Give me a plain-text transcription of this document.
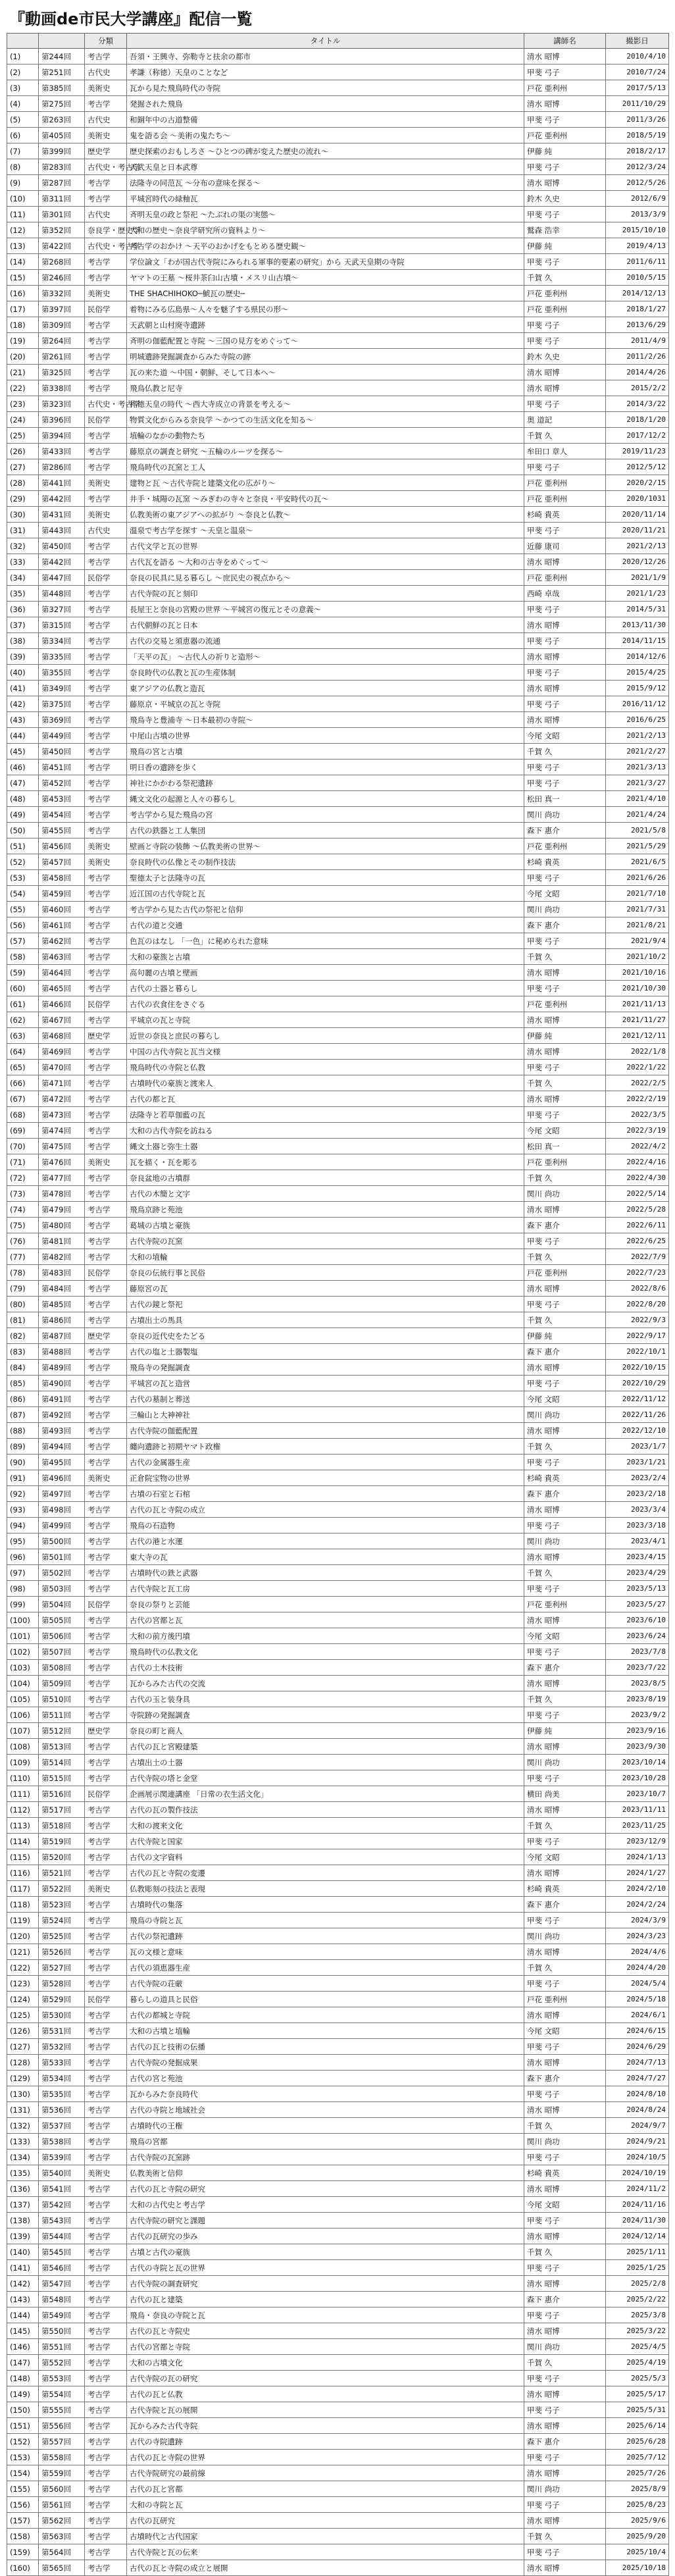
『動画de市民大学講座』配信一覧
		分類	タイトル	講師名	撮影日
(1)	第244回	考古学	吾須・王興寺、弥勒寺と扶余の都市	清水 昭博	2010/4/10
(2)	第251回	古代史	孝謙（称徳）天皇のことなど	甲斐 弓子	2010/7/24
(3)	第385回	美術史	瓦から見た飛鳥時代の寺院	戸花 亜利州	2017/5/13
(4)	第275回	考古学	発掘された飛鳥	清水 昭博	2011/10/29
(5)	第263回	古代史	和銅年中の古道整備	甲斐 弓子	2011/3/26
(6)	第405回	美術史	鬼を語る会 ～美術の鬼たち～	戸花 亜利州	2018/5/19
(7)	第399回	歴史学	歴史探索のおもしろさ ～ひとつの碑が変えた歴史の流れ～	伊藤 純	2018/2/17
(8)	第283回	古代史・考古学	天武天皇と日本武尊	甲斐 弓子	2012/3/24
(9)	第287回	考古学	法隆寺の同范瓦 ～分布の意味を探る～	清水 昭博	2012/5/26
(10)	第311回	考古学	平城宮時代の緑釉瓦	鈴木 久史	2012/6/9
(11)	第301回	古代史	斉明天皇の政と祭祀 ～たぶれの渠の実態～	甲斐 弓子	2013/3/9
(12)	第352回	奈良学・歴史学	大和の歴史～奈良学研究所の資料より～	鷲森 浩幸	2015/10/10
(13)	第422回	古代史・考古学	考古学のおかけ ～天平のおかげをもとめる歴史観～	伊藤 純	2019/4/13
(14)	第268回	考古学	学位論文「わが国古代寺院にみられる軍事的要素の研究」から 天武天皇期の寺院	甲斐 弓子	2011/6/11
(15)	第246回	考古学	ヤマトの王墓 ～桜井茶臼山古墳・メスリ山古墳～	千賀 久	2010/5/15
(16)	第332回	美術史	THE SHACHIHOKO─鯱瓦の歴史─	戸花 亜利州	2014/12/13
(17)	第397回	民俗学	着物にみる広島県～人々を魅了する県民の形～	戸花 亜利州	2018/1/27
(18)	第309回	考古学	天武朝と山村廃寺遺跡	甲斐 弓子	2013/6/29
(19)	第264回	考古学	斉明の伽藍配置と寺院 ～三国の見方をめぐって～	甲斐 弓子	2011/4/9
(20)	第261回	考古学	明城遺跡発掘調査からみた寺院の跡	鈴木 久史	2011/2/26
(21)	第325回	考古学	瓦の来た道 ～中国・朝鮮、そして日本へ～	清水 昭博	2014/4/26
(22)	第338回	考古学	飛鳥仏教と尼寺	清水 昭博	2015/2/2
(23)	第323回	古代史・考古学	称徳天皇の時代 ～西大寺成立の背景を考える～	甲斐 弓子	2014/3/22
(24)	第396回	民俗学	物質文化からみる奈良学 ～かつての生活文化を知る～	奥 道記	2018/1/20
(25)	第394回	考古学	埴輪のなかの動物たち	千賀 久	2017/12/2
(26)	第433回	考古学	藤原京の調査と研究 ～五輪のルーツを探る～	牟田口 章人	2019/11/23
(27)	第286回	考古学	飛鳥時代の瓦窯と工人	甲斐 弓子	2012/5/12
(28)	第441回	美術史	建物と瓦 ～古代寺院と建築文化の広がり～	戸花 亜利州	2020/2/15
(29)	第442回	考古学	井手・城陽の瓦窯 ～みぎわの寺々と奈良・平安時代の瓦～	戸花 亜利州	2020/1031
(30)	第431回	美術史	仏教美術の東アジアへの拡がり ～奈良と仏教～	杉崎 貴英	2020/11/14
(31)	第443回	古代史	溫泉で考古学を探す ～天皇と温泉～	甲斐 弓子	2020/11/21
(32)	第450回	考古学	古代文学と瓦の世界	近藤 康司	2021/2/13
(33)	第442回	考古学	古代瓦を語る ～大和の古寺をめぐって～	清水 昭博	2020/12/26
(34)	第447回	民俗学	奈良の民具に見る暮らし ～庶民史の視点から～	戸花 亜利州	2021/1/9
(35)	第448回	考古学	古代寺院の瓦と刻印	西崎 卓哉	2021/1/23
(36)	第327回	考古学	長屋王と奈良の宮殿の世界 ～平城宮の復元とその意義～	甲斐 弓子	2014/5/31
(37)	第315回	考古学	古代朝鮮の瓦と日本	清水 昭博	2013/11/30
(38)	第334回	考古学	古代の交易と須恵器の流通	甲斐 弓子	2014/11/15
(39)	第335回	考古学	「天平の瓦」 ～古代人の祈りと造形～	清水 昭博	2014/12/6
(40)	第355回	考古学	奈良時代の仏教と瓦の生産体制	甲斐 弓子	2015/4/25
(41)	第349回	考古学	東アジアの仏教と造瓦	清水 昭博	2015/9/12
(42)	第375回	考古学	藤原京・平城京の瓦と寺院	甲斐 弓子	2016/11/12
(43)	第369回	考古学	飛鳥寺と豊浦寺 ～日本最初の寺院～	清水 昭博	2016/6/25
(44)	第449回	考古学	中尾山古墳の世界	今尾 文昭	2021/2/13
(45)	第450回	考古学	飛鳥の宮と古墳	千賀 久	2021/2/27
(46)	第451回	考古学	明日香の遺跡を歩く	甲斐 弓子	2021/3/13
(47)	第452回	考古学	神社にかかわる祭祀遺跡	甲斐 弓子	2021/3/27
(48)	第453回	考古学	縄文文化の起源と人々の暮らし	松田 真一	2021/4/10
(49)	第454回	考古学	考古学から見た飛鳥の宮	関川 尚功	2021/4/24
(50)	第455回	考古学	古代の鉄器と工人集団	森下 惠介	2021/5/8
(51)	第456回	美術史	壁画と寺院の装飾 ～仏教美術の世界～	戸花 亜利州	2021/5/29
(52)	第457回	美術史	奈良時代の仏像とその制作技法	杉崎 貴英	2021/6/5
(53)	第458回	考古学	聖徳太子と法隆寺の瓦	甲斐 弓子	2021/6/26
(54)	第459回	考古学	近江国の古代寺院と瓦	今尾 文昭	2021/7/10
(55)	第460回	考古学	考古学から見た古代の祭祀と信仰	関川 尚功	2021/7/31
(56)	第461回	考古学	古代の道と交通	森下 惠介	2021/8/21
(57)	第462回	考古学	色瓦のはなし 「一色」に秘められた意味	甲斐 弓子	2021/9/4
(58)	第463回	考古学	大和の豪族と古墳	千賀 久	2021/10/2
(59)	第464回	考古学	高句麗の古墳と壁画	清水 昭博	2021/10/16
(60)	第465回	考古学	古代の土器と暮らし	甲斐 弓子	2021/10/30
(61)	第466回	民俗学	古代の衣食住をさぐる	戸花 亜利州	2021/11/13
(62)	第467回	考古学	平城京の瓦と寺院	清水 昭博	2021/11/27
(63)	第468回	歴史学	近世の奈良と庶民の暮らし	伊藤 純	2021/12/11
(64)	第469回	考古学	中国の古代寺院と瓦当文様	清水 昭博	2022/1/8
(65)	第470回	考古学	飛鳥時代の寺院と仏教	甲斐 弓子	2022/1/22
(66)	第471回	考古学	古墳時代の豪族と渡来人	千賀 久	2022/2/5
(67)	第472回	考古学	古代の都と瓦	清水 昭博	2022/2/19
(68)	第473回	考古学	法隆寺と若草伽藍の瓦	甲斐 弓子	2022/3/5
(69)	第474回	考古学	大和の古代寺院を訪ねる	今尾 文昭	2022/3/19
(70)	第475回	考古学	縄文土器と弥生土器	松田 真一	2022/4/2
(71)	第476回	美術史	瓦を描く・瓦を彫る	戸花 亜利州	2022/4/16
(72)	第477回	考古学	奈良盆地の古墳群	千賀 久	2022/4/30
(73)	第478回	考古学	古代の木簡と文字	関川 尚功	2022/5/14
(74)	第479回	考古学	飛鳥京跡と苑池	清水 昭博	2022/5/28
(75)	第480回	考古学	葛城の古墳と豪族	森下 惠介	2022/6/11
(76)	第481回	考古学	古代寺院の瓦窯	甲斐 弓子	2022/6/25
(77)	第482回	考古学	大和の埴輪	千賀 久	2022/7/9
(78)	第483回	民俗学	奈良の伝統行事と民俗	戸花 亜利州	2022/7/23
(79)	第484回	考古学	藤原宮の瓦	清水 昭博	2022/8/6
(80)	第485回	考古学	古代の鏡と祭祀	甲斐 弓子	2022/8/20
(81)	第486回	考古学	古墳出土の馬具	千賀 久	2022/9/3
(82)	第487回	歴史学	奈良の近代史をたどる	伊藤 純	2022/9/17
(83)	第488回	考古学	古代の塩と土器製塩	森下 惠介	2022/10/1
(84)	第489回	考古学	飛鳥寺の発掘調査	清水 昭博	2022/10/15
(85)	第490回	考古学	平城宮の瓦と造営	甲斐 弓子	2022/10/29
(86)	第491回	考古学	古代の墓制と葬送	今尾 文昭	2022/11/12
(87)	第492回	考古学	三輪山と大神神社	関川 尚功	2022/11/26
(88)	第493回	考古学	古代寺院の伽藍配置	清水 昭博	2022/12/10
(89)	第494回	考古学	纏向遺跡と初期ヤマト政権	千賀 久	2023/1/7
(90)	第495回	考古学	古代の金属器生産	甲斐 弓子	2023/1/21
(91)	第496回	美術史	正倉院宝物の世界	杉崎 貴英	2023/2/4
(92)	第497回	考古学	古墳の石室と石棺	森下 惠介	2023/2/18
(93)	第498回	考古学	古代の瓦と寺院の成立	清水 昭博	2023/3/4
(94)	第499回	考古学	飛鳥の石造物	甲斐 弓子	2023/3/18
(95)	第500回	考古学	古代の港と水運	関川 尚功	2023/4/1
(96)	第501回	考古学	東大寺の瓦	清水 昭博	2023/4/15
(97)	第502回	考古学	古墳時代の鉄と武器	千賀 久	2023/4/29
(98)	第503回	考古学	古代寺院と瓦工房	甲斐 弓子	2023/5/13
(99)	第504回	民俗学	奈良の祭りと芸能	戸花 亜利州	2023/5/27
(100)	第505回	考古学	古代の宮都と瓦	清水 昭博	2023/6/10
(101)	第506回	考古学	大和の前方後円墳	今尾 文昭	2023/6/24
(102)	第507回	考古学	飛鳥時代の仏教文化	甲斐 弓子	2023/7/8
(103)	第508回	考古学	古代の土木技術	森下 惠介	2023/7/22
(104)	第509回	考古学	瓦からみた古代の交流	清水 昭博	2023/8/5
(105)	第510回	考古学	古代の玉と装身具	千賀 久	2023/8/19
(106)	第511回	考古学	寺院跡の発掘調査	甲斐 弓子	2023/9/2
(107)	第512回	歴史学	奈良の町と商人	伊藤 純	2023/9/16
(108)	第513回	考古学	古代の瓦と宮殿建築	清水 昭博	2023/9/30
(109)	第514回	考古学	古墳出土の土器	関川 尚功	2023/10/14
(110)	第515回	考古学	古代寺院の塔と金堂	甲斐 弓子	2023/10/28
(111)	第516回	民俗学	企画展示関連講座 「日常の衣生活文化」	横田 尚美	2023/10/7
(112)	第517回	考古学	古代の瓦の製作技法	清水 昭博	2023/11/11
(113)	第518回	考古学	大和の渡来文化	千賀 久	2023/11/25
(114)	第519回	考古学	古代寺院と国家	甲斐 弓子	2023/12/9
(115)	第520回	考古学	古代の文字資料	今尾 文昭	2024/1/13
(116)	第521回	考古学	古代の瓦と寺院の変遷	清水 昭博	2024/1/27
(117)	第522回	美術史	仏教彫刻の技法と表現	杉崎 貴英	2024/2/10
(118)	第523回	考古学	古墳時代の集落	森下 惠介	2024/2/24
(119)	第524回	考古学	飛鳥の寺院と瓦	甲斐 弓子	2024/3/9
(120)	第525回	考古学	古代の祭祀遺跡	関川 尚功	2024/3/23
(121)	第526回	考古学	瓦の文様と意味	清水 昭博	2024/4/6
(122)	第527回	考古学	古代の須恵器生産	千賀 久	2024/4/20
(123)	第528回	考古学	古代寺院の荘厳	甲斐 弓子	2024/5/4
(124)	第529回	民俗学	暮らしの道具と民俗	戸花 亜利州	2024/5/18
(125)	第530回	考古学	古代の都城と寺院	清水 昭博	2024/6/1
(126)	第531回	考古学	大和の古墳と埴輪	今尾 文昭	2024/6/15
(127)	第532回	考古学	古代の瓦と技術の伝播	甲斐 弓子	2024/6/29
(128)	第533回	考古学	古代寺院の発掘成果	清水 昭博	2024/7/13
(129)	第534回	考古学	古代の宮と苑池	森下 惠介	2024/7/27
(130)	第535回	考古学	瓦からみた奈良時代	甲斐 弓子	2024/8/10
(131)	第536回	考古学	古代の寺院と地域社会	清水 昭博	2024/8/24
(132)	第537回	考古学	古墳時代の王権	千賀 久	2024/9/7
(133)	第538回	考古学	飛鳥の宮都	関川 尚功	2024/9/21
(134)	第539回	考古学	古代寺院の瓦窯跡	甲斐 弓子	2024/10/5
(135)	第540回	美術史	仏教美術と信仰	杉崎 貴英	2024/10/19
(136)	第541回	考古学	古代の瓦と寺院の研究	清水 昭博	2024/11/2
(137)	第542回	考古学	大和の古代史と考古学	今尾 文昭	2024/11/16
(138)	第543回	考古学	古代寺院の研究と課題	甲斐 弓子	2024/11/30
(139)	第544回	考古学	古代の瓦研究の歩み	清水 昭博	2024/12/14
(140)	第545回	考古学	古墳と古代の豪族	千賀 久	2025/1/11
(141)	第546回	考古学	古代の寺院と瓦の世界	甲斐 弓子	2025/1/25
(142)	第547回	考古学	古代寺院の調査研究	清水 昭博	2025/2/8
(143)	第548回	考古学	古代の瓦と建築	森下 惠介	2025/2/22
(144)	第549回	考古学	飛鳥・奈良の寺院と瓦	甲斐 弓子	2025/3/8
(145)	第550回	考古学	古代の瓦と寺院史	清水 昭博	2025/3/22
(146)	第551回	考古学	古代の宮都と寺院	関川 尚功	2025/4/5
(147)	第552回	考古学	大和の古墳文化	千賀 久	2025/4/19
(148)	第553回	考古学	古代寺院の瓦の研究	甲斐 弓子	2025/5/3
(149)	第554回	考古学	古代の瓦と仏教	清水 昭博	2025/5/17
(150)	第555回	考古学	古代寺院と瓦の展開	甲斐 弓子	2025/5/31
(151)	第556回	考古学	瓦からみた古代寺院	清水 昭博	2025/6/14
(152)	第557回	考古学	古代の寺院遺跡	森下 惠介	2025/6/28
(153)	第558回	考古学	古代の瓦と寺院の世界	甲斐 弓子	2025/7/12
(154)	第559回	考古学	古代寺院研究の最前線	清水 昭博	2025/7/26
(155)	第560回	考古学	古代の瓦と宮都	関川 尚功	2025/8/9
(156)	第561回	考古学	大和の寺院と瓦	甲斐 弓子	2025/8/23
(157)	第562回	考古学	古代の瓦研究	清水 昭博	2025/9/6
(158)	第563回	考古学	古墳時代と古代国家	千賀 久	2025/9/20
(159)	第564回	考古学	古代寺院と瓦の伝来	甲斐 弓子	2025/10/4
(160)	第565回	考古学	古代の瓦と寺院の成立と展開	清水 昭博	2025/10/18
